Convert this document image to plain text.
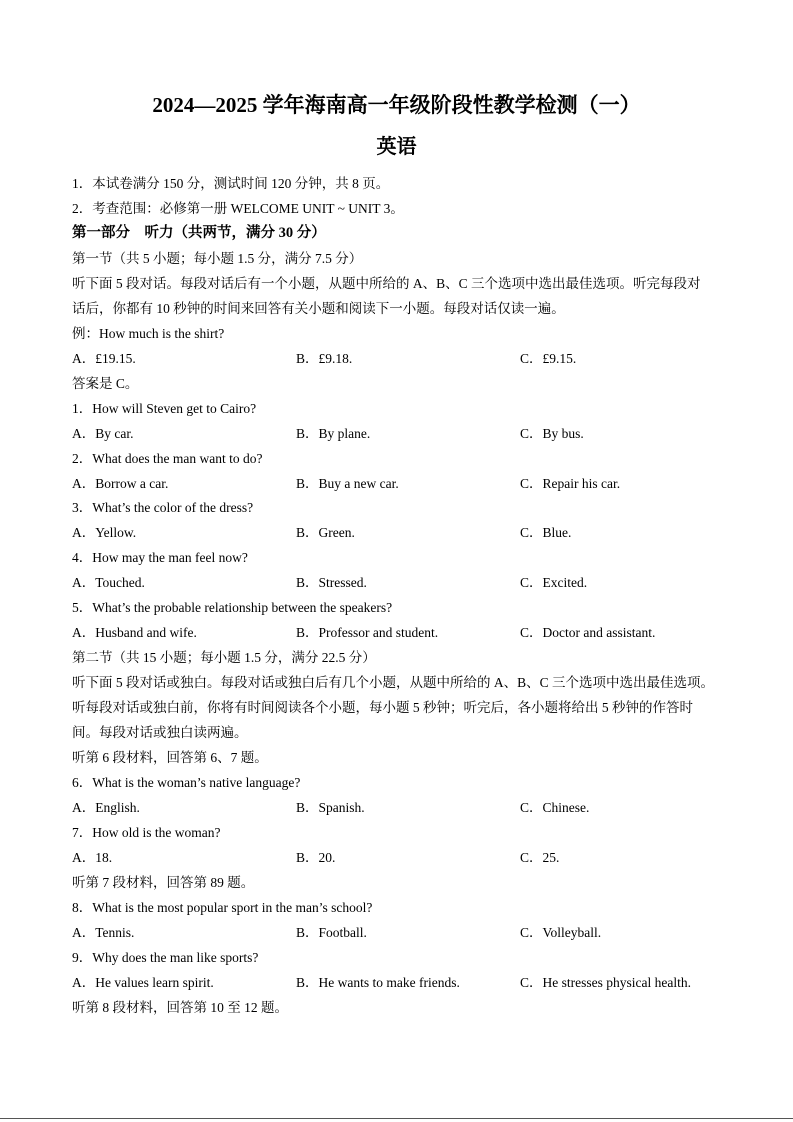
2024—2025 学年海南高一年级阶段性教学检测（一）
英语
1．本试卷满分 150 分，测试时间 120 分钟，共 8 页。
2．考查范围：必修第一册 WELCOME UNIT ~ UNIT 3。
第一部分　听力（共两节，满分 30 分）
第一节（共 5 小题；每小题 1.5 分，满分 7.5 分）
听下面 5 段对话。每段对话后有一个小题，从题中所给的 A、B、C 三个选项中选出最佳选项。听完每段对
话后，你都有 10 秒钟的时间来回答有关小题和阅读下一小题。每段对话仅读一遍。
例：How much is the shirt?
A．£19.15.	B．£9.18.	C．£9.15.
答案是 C。
1．How will Steven get to Cairo?
A．By car.	B．By plane.	C．By bus.
2．What does the man want to do?
A．Borrow a car.	B．Buy a new car.	C．Repair his car.
3．What’s the color of the dress?
A．Yellow.	B．Green.	C．Blue.
4．How may the man feel now?
A．Touched.	B．Stressed.	C．Excited.
5．What’s the probable relationship between the speakers?
A．Husband and wife.	B．Professor and student.	C．Doctor and assistant.
第二节（共 15 小题；每小题 1.5 分，满分 22.5 分）
听下面 5 段对话或独白。每段对话或独白后有几个小题，从题中所给的 A、B、C 三个选项中选出最佳选项。
听每段对话或独白前，你将有时间阅读各个小题，每小题 5 秒钟；听完后，各小题将给出 5 秒钟的作答时
间。每段对话或独白读两遍。
听第 6 段材料，回答第 6、7 题。
6．What is the woman’s native language?
A．English.	B．Spanish.	C．Chinese.
7．How old is the woman?
A．18.	B．20.	C．25.
听第 7 段材料，回答第 89 题。
8．What is the most popular sport in the man’s school?
A．Tennis.	B．Football.	C．Volleyball.
9．Why does the man like sports?
A．He values learn spirit.	B．He wants to make friends.	C．He stresses physical health.
听第 8 段材料，回答第 10 至 12 题。
